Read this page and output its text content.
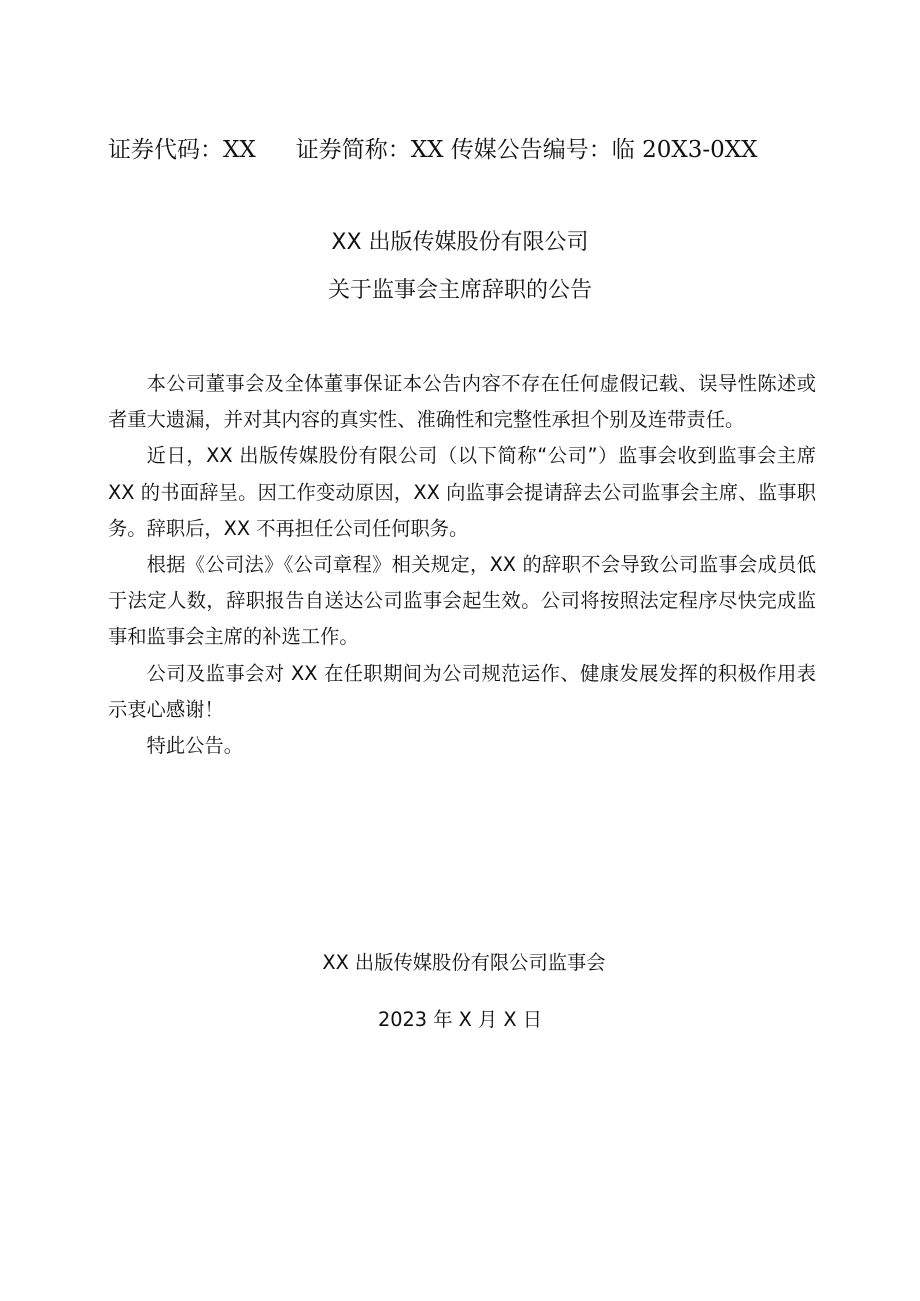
证券代码：XX 证券简称：XX 传媒公告编号：临 20X3-0XX
XX 出版传媒股份有限公司
关于监事会主席辞职的公告

本公司董事会及全体董事保证本公告内容不存在任何虚假记载、误导性陈述或者重大遗漏，并对其内容的真实性、准确性和完整性承担个别及连带责任。

近日，XX 出版传媒股份有限公司（以下简称“公司”）监事会收到监事会主席 XX 的书面辞呈。因工作变动原因，XX 向监事会提请辞去公司监事会主席、监事职务。辞职后，XX 不再担任公司任何职务。

根据《公司法》《公司章程》相关规定，XX 的辞职不会导致公司监事会成员低于法定人数，辞职报告自送达公司监事会起生效。公司将按照法定程序尽快完成监事和监事会主席的补选工作。

公司及监事会对 XX 在任职期间为公司规范运作、健康发展发挥的积极作用表示衷心感谢！

特此公告。

XX 出版传媒股份有限公司监事会
2023 年 X 月 X 日
